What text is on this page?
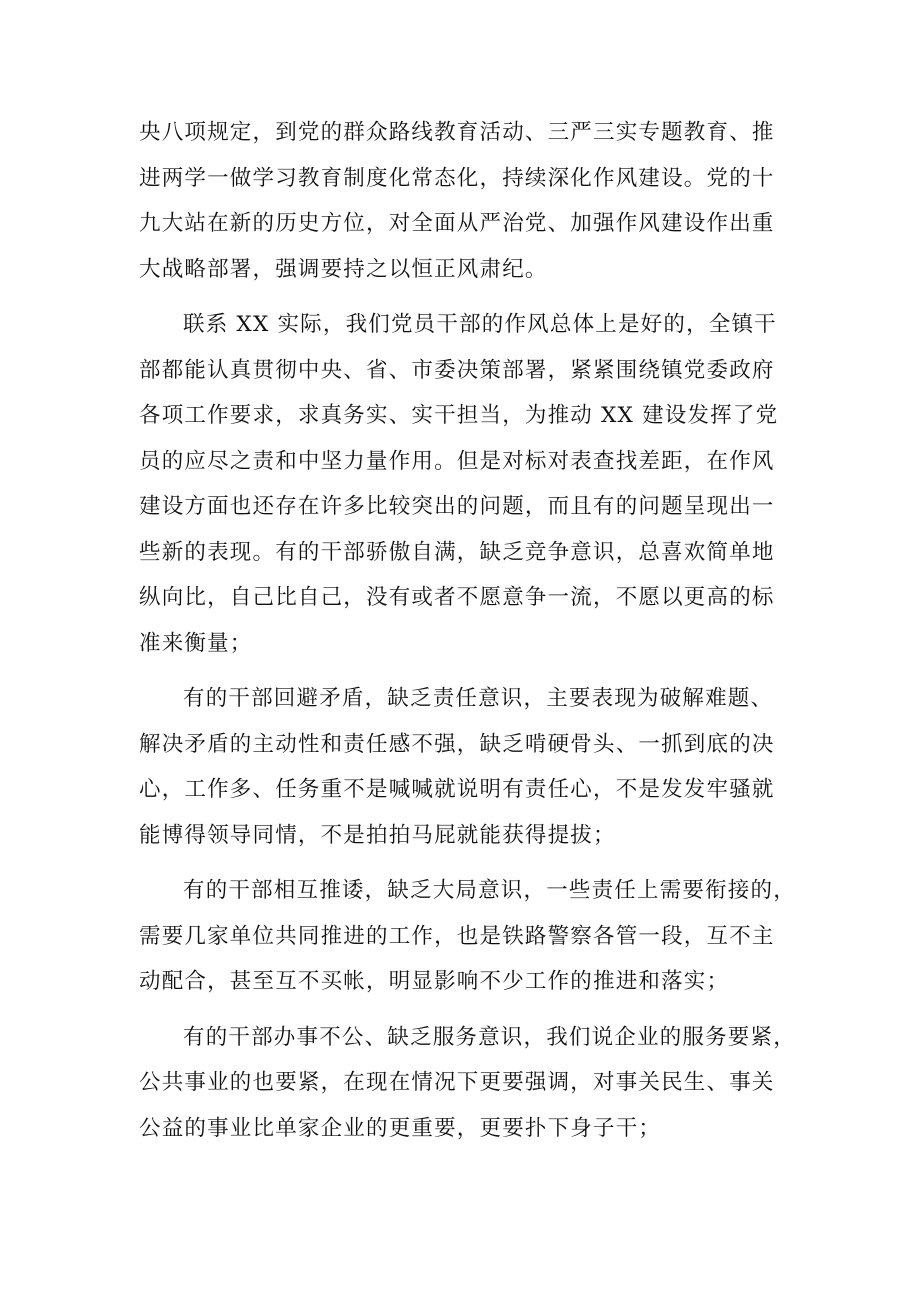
央八项规定，到党的群众路线教育活动、三严三实专题教育、推
进两学一做学习教育制度化常态化，持续深化作风建设。党的十
九大站在新的历史方位，对全面从严治党、加强作风建设作出重
大战略部署，强调要持之以恒正风肃纪。
联系 XX 实际，我们党员干部的作风总体上是好的，全镇干
部都能认真贯彻中央、省、市委决策部署，紧紧围绕镇党委政府
各项工作要求，求真务实、实干担当，为推动 XX 建设发挥了党
员的应尽之责和中坚力量作用。但是对标对表查找差距，在作风
建设方面也还存在许多比较突出的问题，而且有的问题呈现出一
些新的表现。有的干部骄傲自满，缺乏竞争意识，总喜欢简单地
纵向比，自己比自己，没有或者不愿意争一流，不愿以更高的标
准来衡量；
有的干部回避矛盾，缺乏责任意识，主要表现为破解难题、
解决矛盾的主动性和责任感不强，缺乏啃硬骨头、一抓到底的决
心，工作多、任务重不是喊喊就说明有责任心，不是发发牢骚就
能博得领导同情，不是拍拍马屁就能获得提拔；
有的干部相互推诿，缺乏大局意识，一些责任上需要衔接的，
需要几家单位共同推进的工作，也是铁路警察各管一段，互不主
动配合，甚至互不买帐，明显影响不少工作的推进和落实；
有的干部办事不公、缺乏服务意识，我们说企业的服务要紧，
公共事业的也要紧，在现在情况下更要强调，对事关民生、事关
公益的事业比单家企业的更重要，更要扑下身子干；
